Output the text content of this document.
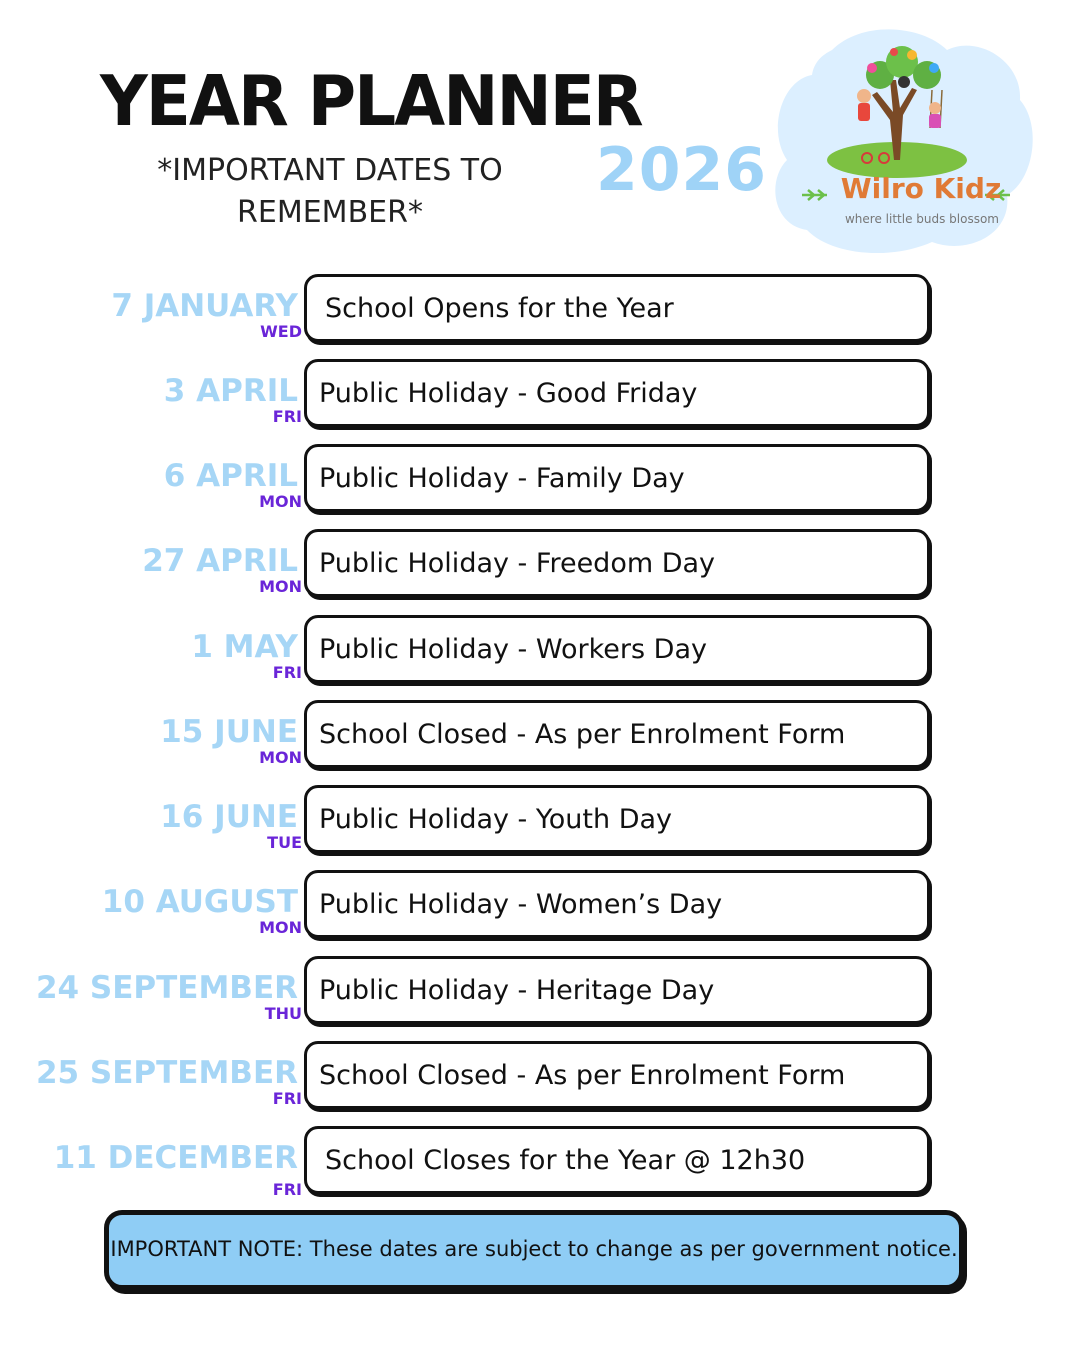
YEAR PLANNER
*IMPORTANT DATES TO
REMEMBER*
2026	Wilro Kidz
where little buds blossom
7 JANUARY
WED
School Opens for the Year
3 APRIL
FRI
Public Holiday - Good Friday
6 APRIL
MON
Public Holiday - Family Day
27 APRIL
MON
Public Holiday - Freedom Day
1 MAY
FRI
Public Holiday - Workers Day
15 JUNE
MON
School Closed - As per Enrolment Form
16 JUNE
TUE
Public Holiday - Youth Day
10 AUGUST
MON
Public Holiday - Women’s Day
24 SEPTEMBER
THU
Public Holiday - Heritage Day
25 SEPTEMBER
FRI
School Closed - As per Enrolment Form
11 DECEMBER
FRI
School Closes for the Year @ 12h30
IMPORTANT NOTE: These dates are subject to change as per government notice.
